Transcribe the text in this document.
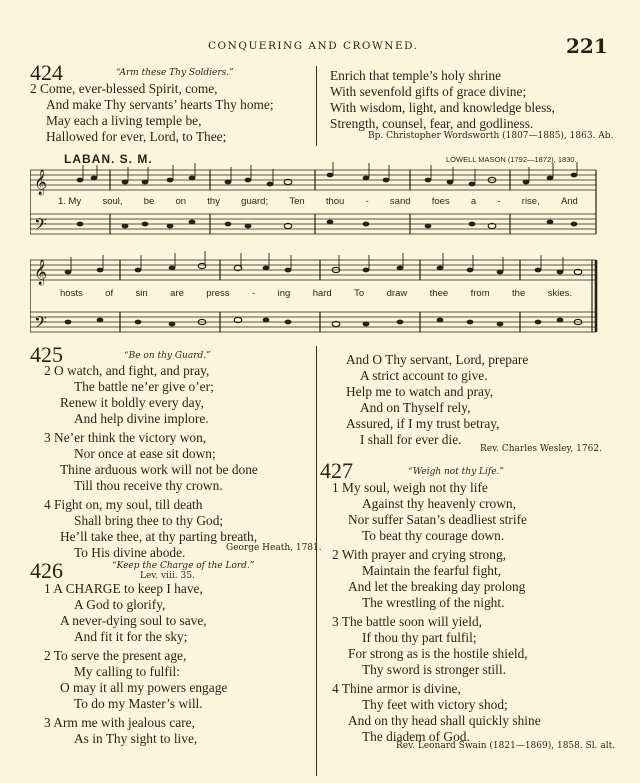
CONQUERING AND CROWNED.	221
424	“Arm these Thy Soldiers.”
2 Come, ever-blessed Spirit, come,
And make Thy servants’ hearts Thy home;
May each a living temple be,
Hallowed for ever, Lord, to Thee;
Enrich that temple’s holy shrine
With sevenfold gifts of grace divine;
With wisdom, light, and knowledge bless,
Strength, counsel, fear, and godliness.
Bp. Christopher Wordsworth (1807—1885), 1863. Ab.
LABAN. S. M.	LOWELL MASON (1792—1872), 1830.
𝄞
𝄢
1. My soul, be on thy guard; Ten thou - sand foes a - rise, And
𝄞
𝄢
hosts of sin are press - ing hard To draw thee from the skies.
425	“Be on thy Guard.”
2 O watch, and fight, and pray,
The battle ne’er give o’er;
Renew it boldly every day,
And help divine implore.
3 Ne’er think the victory won,
Nor once at ease sit down;
Thine arduous work will not be done
Till thou receive thy crown.
4 Fight on, my soul, till death
Shall bring thee to thy God;
He’ll take thee, at thy parting breath,
To His divine abode.	George Heath, 1781.
And O Thy servant, Lord, prepare
A strict account to give.
Help me to watch and pray,
And on Thyself rely,
Assured, if I my trust betray,
I shall for ever die.
Rev. Charles Wesley, 1762.
426	“Keep the Charge of the Lord.”
Lev. viii. 35.
1 A CHARGE to keep I have,
A God to glorify,
A never-dying soul to save,
And fit it for the sky;
2 To serve the present age,
My calling to fulfil:
O may it all my powers engage
To do my Master’s will.
3 Arm me with jealous care,
As in Thy sight to live,
427	“Weigh not thy Life.”
1 My soul, weigh not thy life
Against thy heavenly crown,
Nor suffer Satan’s deadliest strife
To beat thy courage down.
2 With prayer and crying strong,
Maintain the fearful fight,
And let the breaking day prolong
The wrestling of the night.
3 The battle soon will yield,
If thou thy part fulfil;
For strong as is the hostile shield,
Thy sword is stronger still.
4 Thine armor is divine,
Thy feet with victory shod;
And on thy head shall quickly shine
The diadem of God.
Rev. Leonard Swain (1821—1869), 1858. Sl. alt.
